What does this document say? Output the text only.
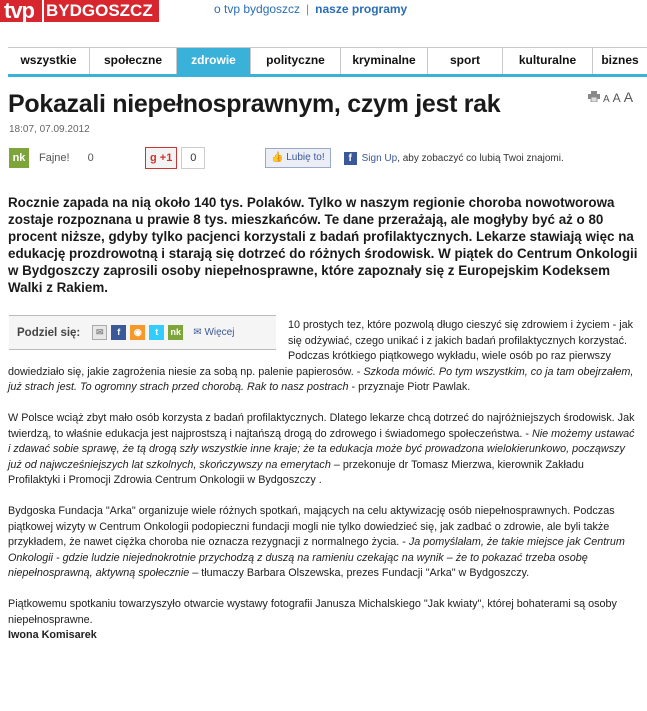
tvp BYDGOSZCZ	o tvp bydgoszcz | nasze programy
wszystkie	społeczne	zdrowie	polityczne	kryminalne	sport	kulturalne	biznes
Pokazali niepełnosprawnym, czym jest rak	A A A
18:07, 07.09.2012
nk	Fajne! 0	g +1	0	👍 Lubię to!	f Sign Up, aby zobaczyć co lubią Twoi znajomi.

Rocznie zapada na nią około 140 tys. Polaków. Tylko w naszym regionie choroba nowotworowa zostaje rozpoznana u prawie 8 tys. mieszkańców. Te dane przerażają, ale mogłyby być aż o 80 procent niższe, gdyby tylko pacjenci korzystali z badań profilaktycznych. Lekarze stawiają więc na edukację prozdrowotną i starają się dotrzeć do różnych środowisk. W piątek do Centrum Onkologii w Bydgoszczy zaprosili osoby niepełnosprawne, które zapoznały się z Europejskim Kodeksem Walki z Rakiem.

Podziel się:	✉	f	◉	t	nk ✉ Więcej

10 prostych tez, które pozwolą długo cieszyć się zdrowiem i życiem - jak się odżywiać, czego unikać i z jakich badań profilaktycznych korzystać. Podczas krótkiego piątkowego wykładu, wiele osób po raz pierwszy dowiedziało się, jakie zagrożenia niesie za sobą np. palenie papierosów. - Szkoda mówić. Po tym wszystkim, co ja tam obejrzałem, już strach jest. To ogromny strach przed chorobą. Rak to nasz postrach - przyznaje Piotr Pawlak.

W Polsce wciąż zbyt mało osób korzysta z badań profilaktycznych. Dlatego lekarze chcą dotrzeć do najróżniejszych środowisk. Jak twierdzą, to właśnie edukacja jest najprostszą i najtańszą drogą do zdrowego i świadomego społeczeństwa. - Nie możemy ustawać i zdawać sobie sprawę, że tą drogą szły wszystkie inne kraje; że ta edukacja może być prowadzona wielokierunkowo, począwszy już od najwcześniejszych lat szkolnych, skończywszy na emerytach – przekonuje dr Tomasz Mierzwa, kierownik Zakładu Profilaktyki i Promocji Zdrowia Centrum Onkologii w Bydgoszczy .

Bydgoska Fundacja "Arka" organizuje wiele różnych spotkań, mających na celu aktywizację osób niepełnosprawnych. Podczas piątkowej wizyty w Centrum Onkologii podopieczni fundacji mogli nie tylko dowiedzieć się, jak zadbać o zdrowie, ale byli także przykładem, że nawet ciężka choroba nie oznacza rezygnacji z normalnego życia. - Ja pomyślałam, że takie miejsce jak Centrum Onkologii - gdzie ludzie niejednokrotnie przychodzą z duszą na ramieniu czekając na wynik – że to pokazać trzeba osobę niepełnosprawną, aktywną społecznie – tłumaczy Barbara Olszewska, prezes Fundacji "Arka" w Bydgoszczy.

Piątkowemu spotkaniu towarzyszyło otwarcie wystawy fotografii Janusza Michalskiego "Jak kwiaty", której bohaterami są osoby niepełnosprawne.
Iwona Komisarek
